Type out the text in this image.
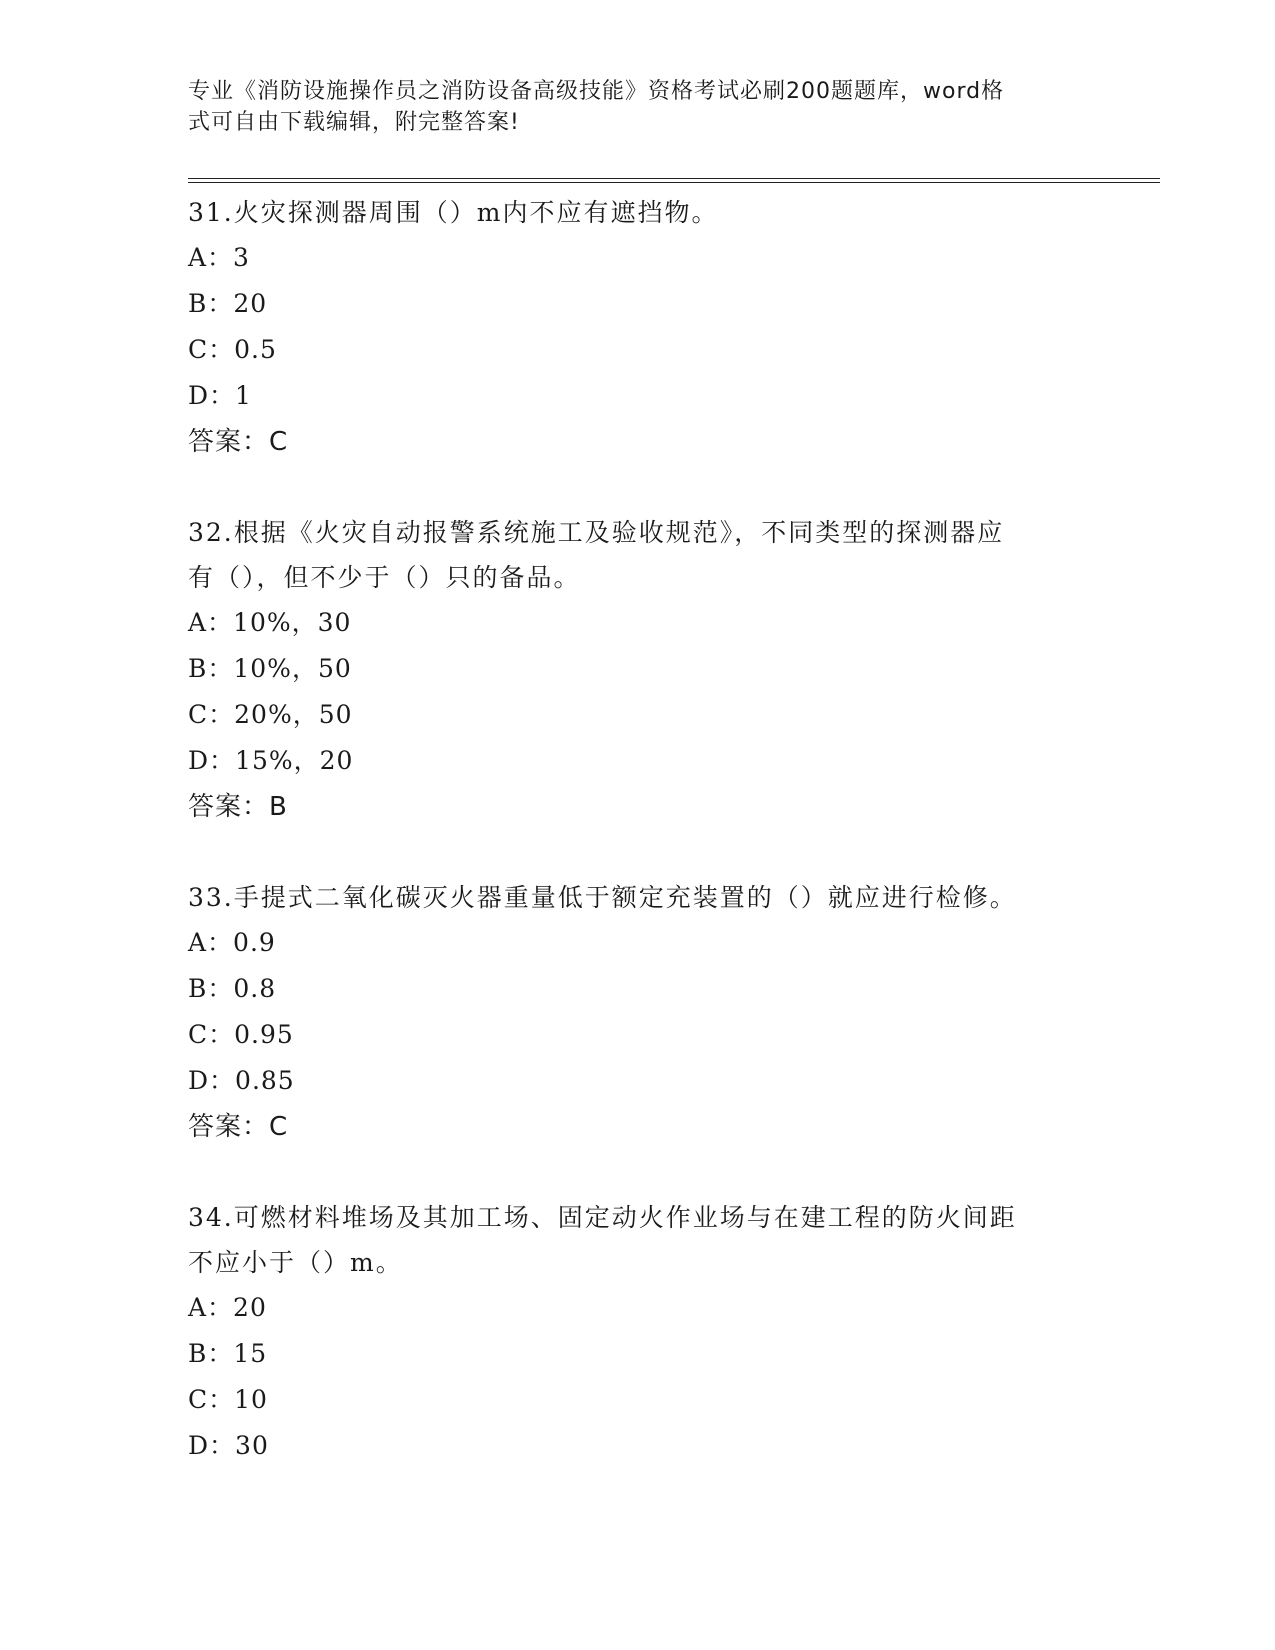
专业《消防设施操作员之消防设备高级技能》资格考试必刷200题题库，word格
式可自由下载编辑，附完整答案!
31.火灾探测器周围（）m内不应有遮挡物。
A：3
B：20
C：0.5
D：1
答案：C
32.根据《火灾自动报警系统施工及验收规范》，不同类型的探测器应
有（），但不少于（）只的备品。
A：10%，30
B：10%，50
C：20%，50
D：15%，20
答案：B
33.手提式二氧化碳灭火器重量低于额定充装置的（）就应进行检修。
A：0.9
B：0.8
C：0.95
D：0.85
答案：C
34.可燃材料堆场及其加工场、固定动火作业场与在建工程的防火间距
不应小于（）m。
A：20
B：15
C：10
D：30
